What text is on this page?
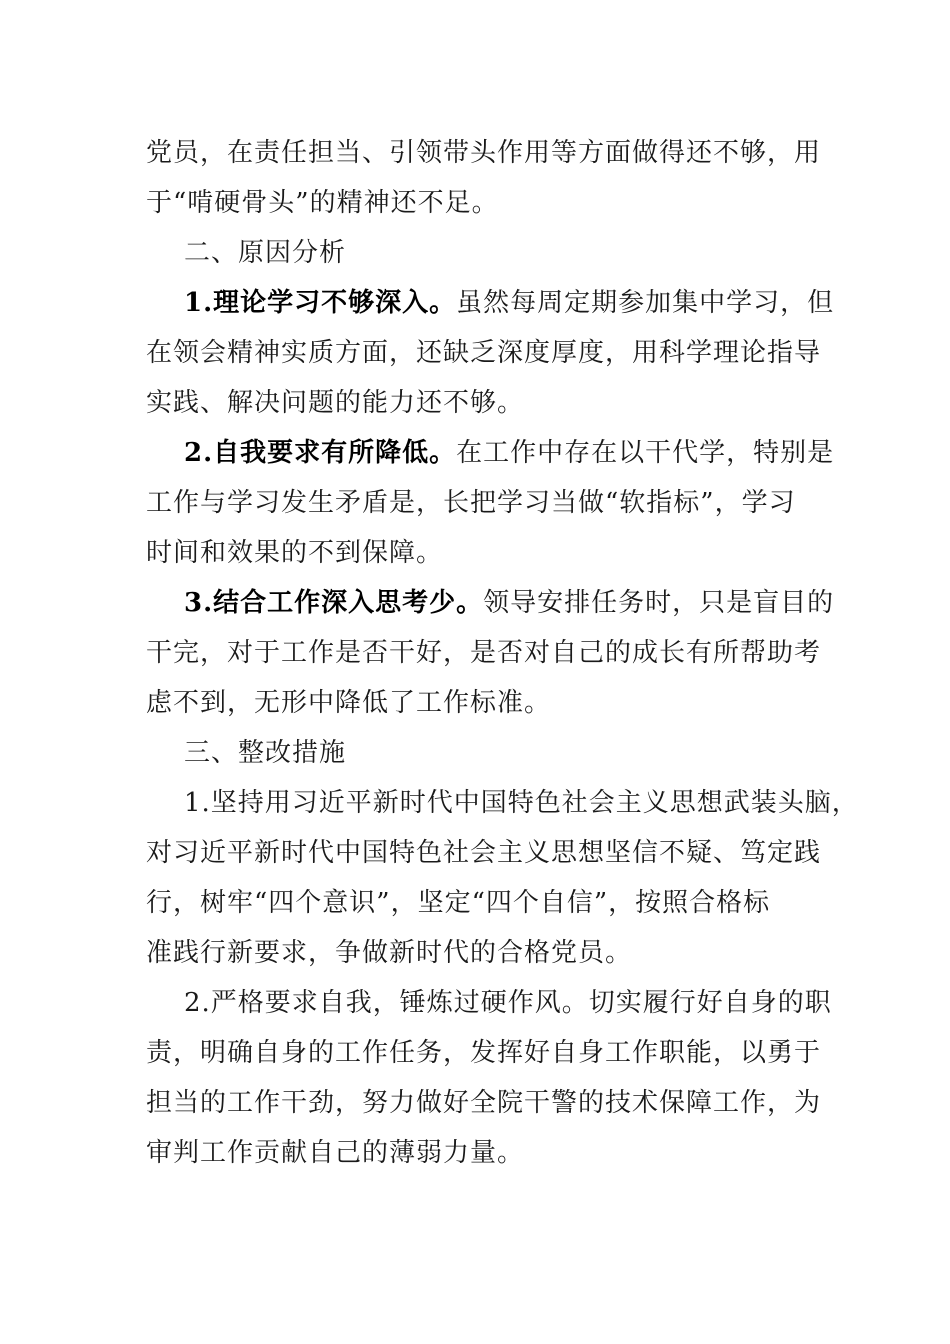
党员，在责任担当、引领带头作用等方面做得还不够，用
于“啃硬骨头”的精神还不足。
二、原因分析
1.理论学习不够深入。虽然每周定期参加集中学习，但
在领会精神实质方面，还缺乏深度厚度，用科学理论指导
实践、解决问题的能力还不够。
2.自我要求有所降低。在工作中存在以干代学，特别是
工作与学习发生矛盾是，长把学习当做“软指标”，学习
时间和效果的不到保障。
3.结合工作深入思考少。领导安排任务时，只是盲目的
干完，对于工作是否干好，是否对自己的成长有所帮助考
虑不到，无形中降低了工作标准。
三、整改措施
1.坚持用习近平新时代中国特色社会主义思想武装头脑，
对习近平新时代中国特色社会主义思想坚信不疑、笃定践
行，树牢“四个意识”，坚定“四个自信”，按照合格标
准践行新要求，争做新时代的合格党员。
2.严格要求自我，锤炼过硬作风。切实履行好自身的职
责，明确自身的工作任务，发挥好自身工作职能，以勇于
担当的工作干劲，努力做好全院干警的技术保障工作，为
审判工作贡献自己的薄弱力量。
